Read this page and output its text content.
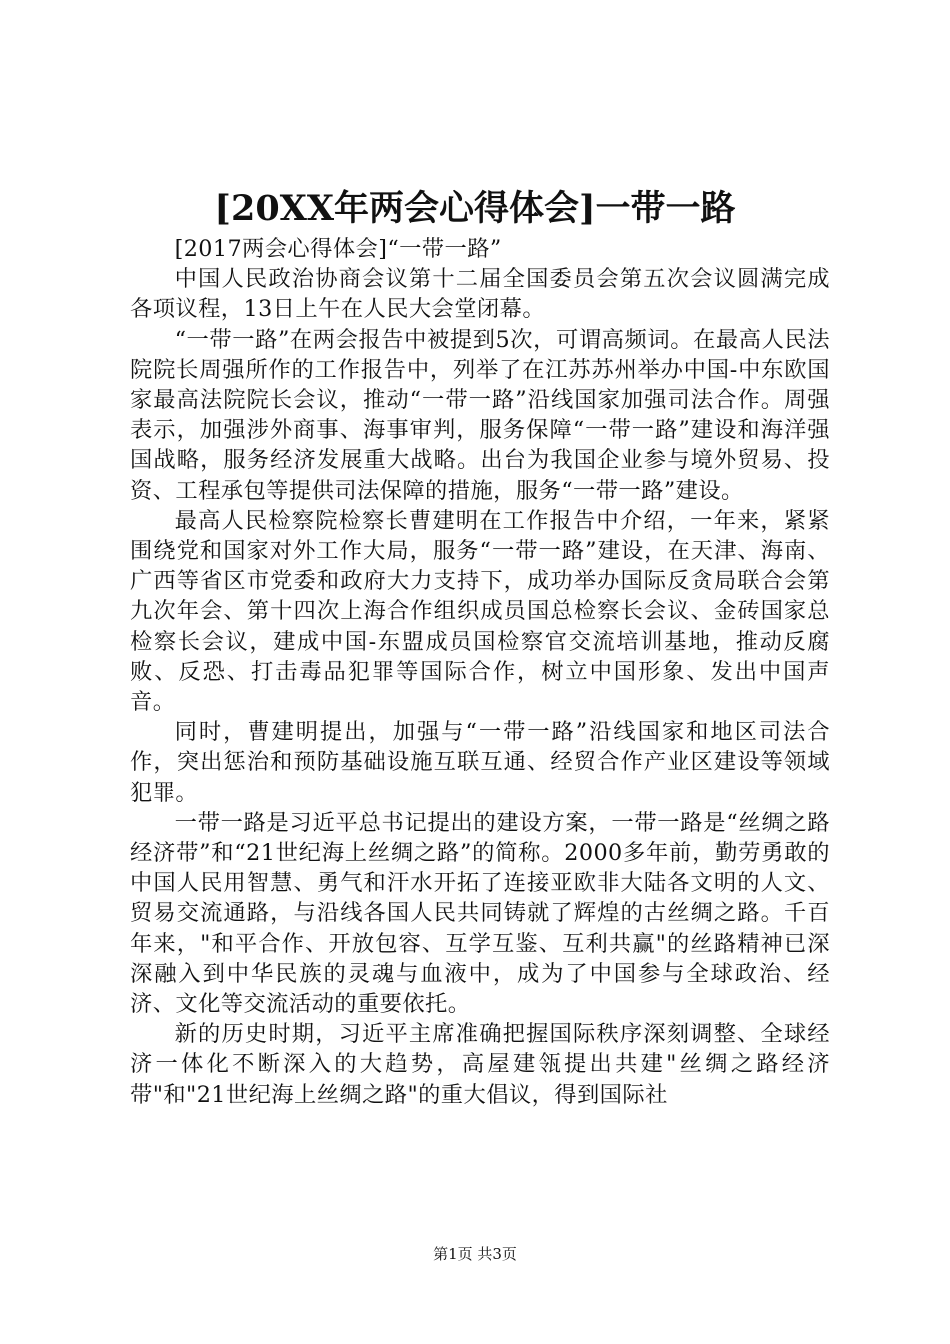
[20XX年两会心得体会]一带一路

[2017两会心得体会]“一带一路”

中国人民政治协商会议第十二届全国委员会第五次会议圆满完成各项议程，13日上午在人民大会堂闭幕。

“一带一路”在两会报告中被提到5次，可谓高频词。在最高人民法院院长周强所作的工作报告中，列举了在江苏苏州举办中国-中东欧国家最高法院院长会议，推动“一带一路”沿线国家加强司法合作。周强表示，加强涉外商事、海事审判，服务保障“一带一路”建设和海洋强国战略，服务经济发展重大战略。出台为我国企业参与境外贸易、投资、工程承包等提供司法保障的措施，服务“一带一路”建设。

最高人民检察院检察长曹建明在工作报告中介绍，一年来，紧紧围绕党和国家对外工作大局，服务“一带一路”建设，在天津、海南、广西等省区市党委和政府大力支持下，成功举办国际反贪局联合会第九次年会、第十四次上海合作组织成员国总检察长会议、金砖国家总检察长会议，建成中国-东盟成员国检察官交流培训基地，推动反腐败、反恐、打击毒品犯罪等国际合作，树立中国形象、发出中国声音。

同时，曹建明提出，加强与“一带一路”沿线国家和地区司法合作，突出惩治和预防基础设施互联互通、经贸合作产业区建设等领域犯罪。

一带一路是习近平总书记提出的建设方案，一带一路是“丝绸之路经济带”和“21世纪海上丝绸之路”的简称。2000多年前，勤劳勇敢的中国人民用智慧、勇气和汗水开拓了连接亚欧非大陆各文明的人文、贸易交流通路，与沿线各国人民共同铸就了辉煌的古丝绸之路。千百年来，"和平合作、开放包容、互学互鉴、互利共赢"的丝路精神已深深融入到中华民族的灵魂与血液中，成为了中国参与全球政治、经济、文化等交流活动的重要依托。

新的历史时期，习近平主席准确把握国际秩序深刻调整、全球经济一体化不断深入的大趋势，高屋建瓴提出共建"丝绸之路经济带"和"21世纪海上丝绸之路"的重大倡议，得到国际社

第1页 共3页
